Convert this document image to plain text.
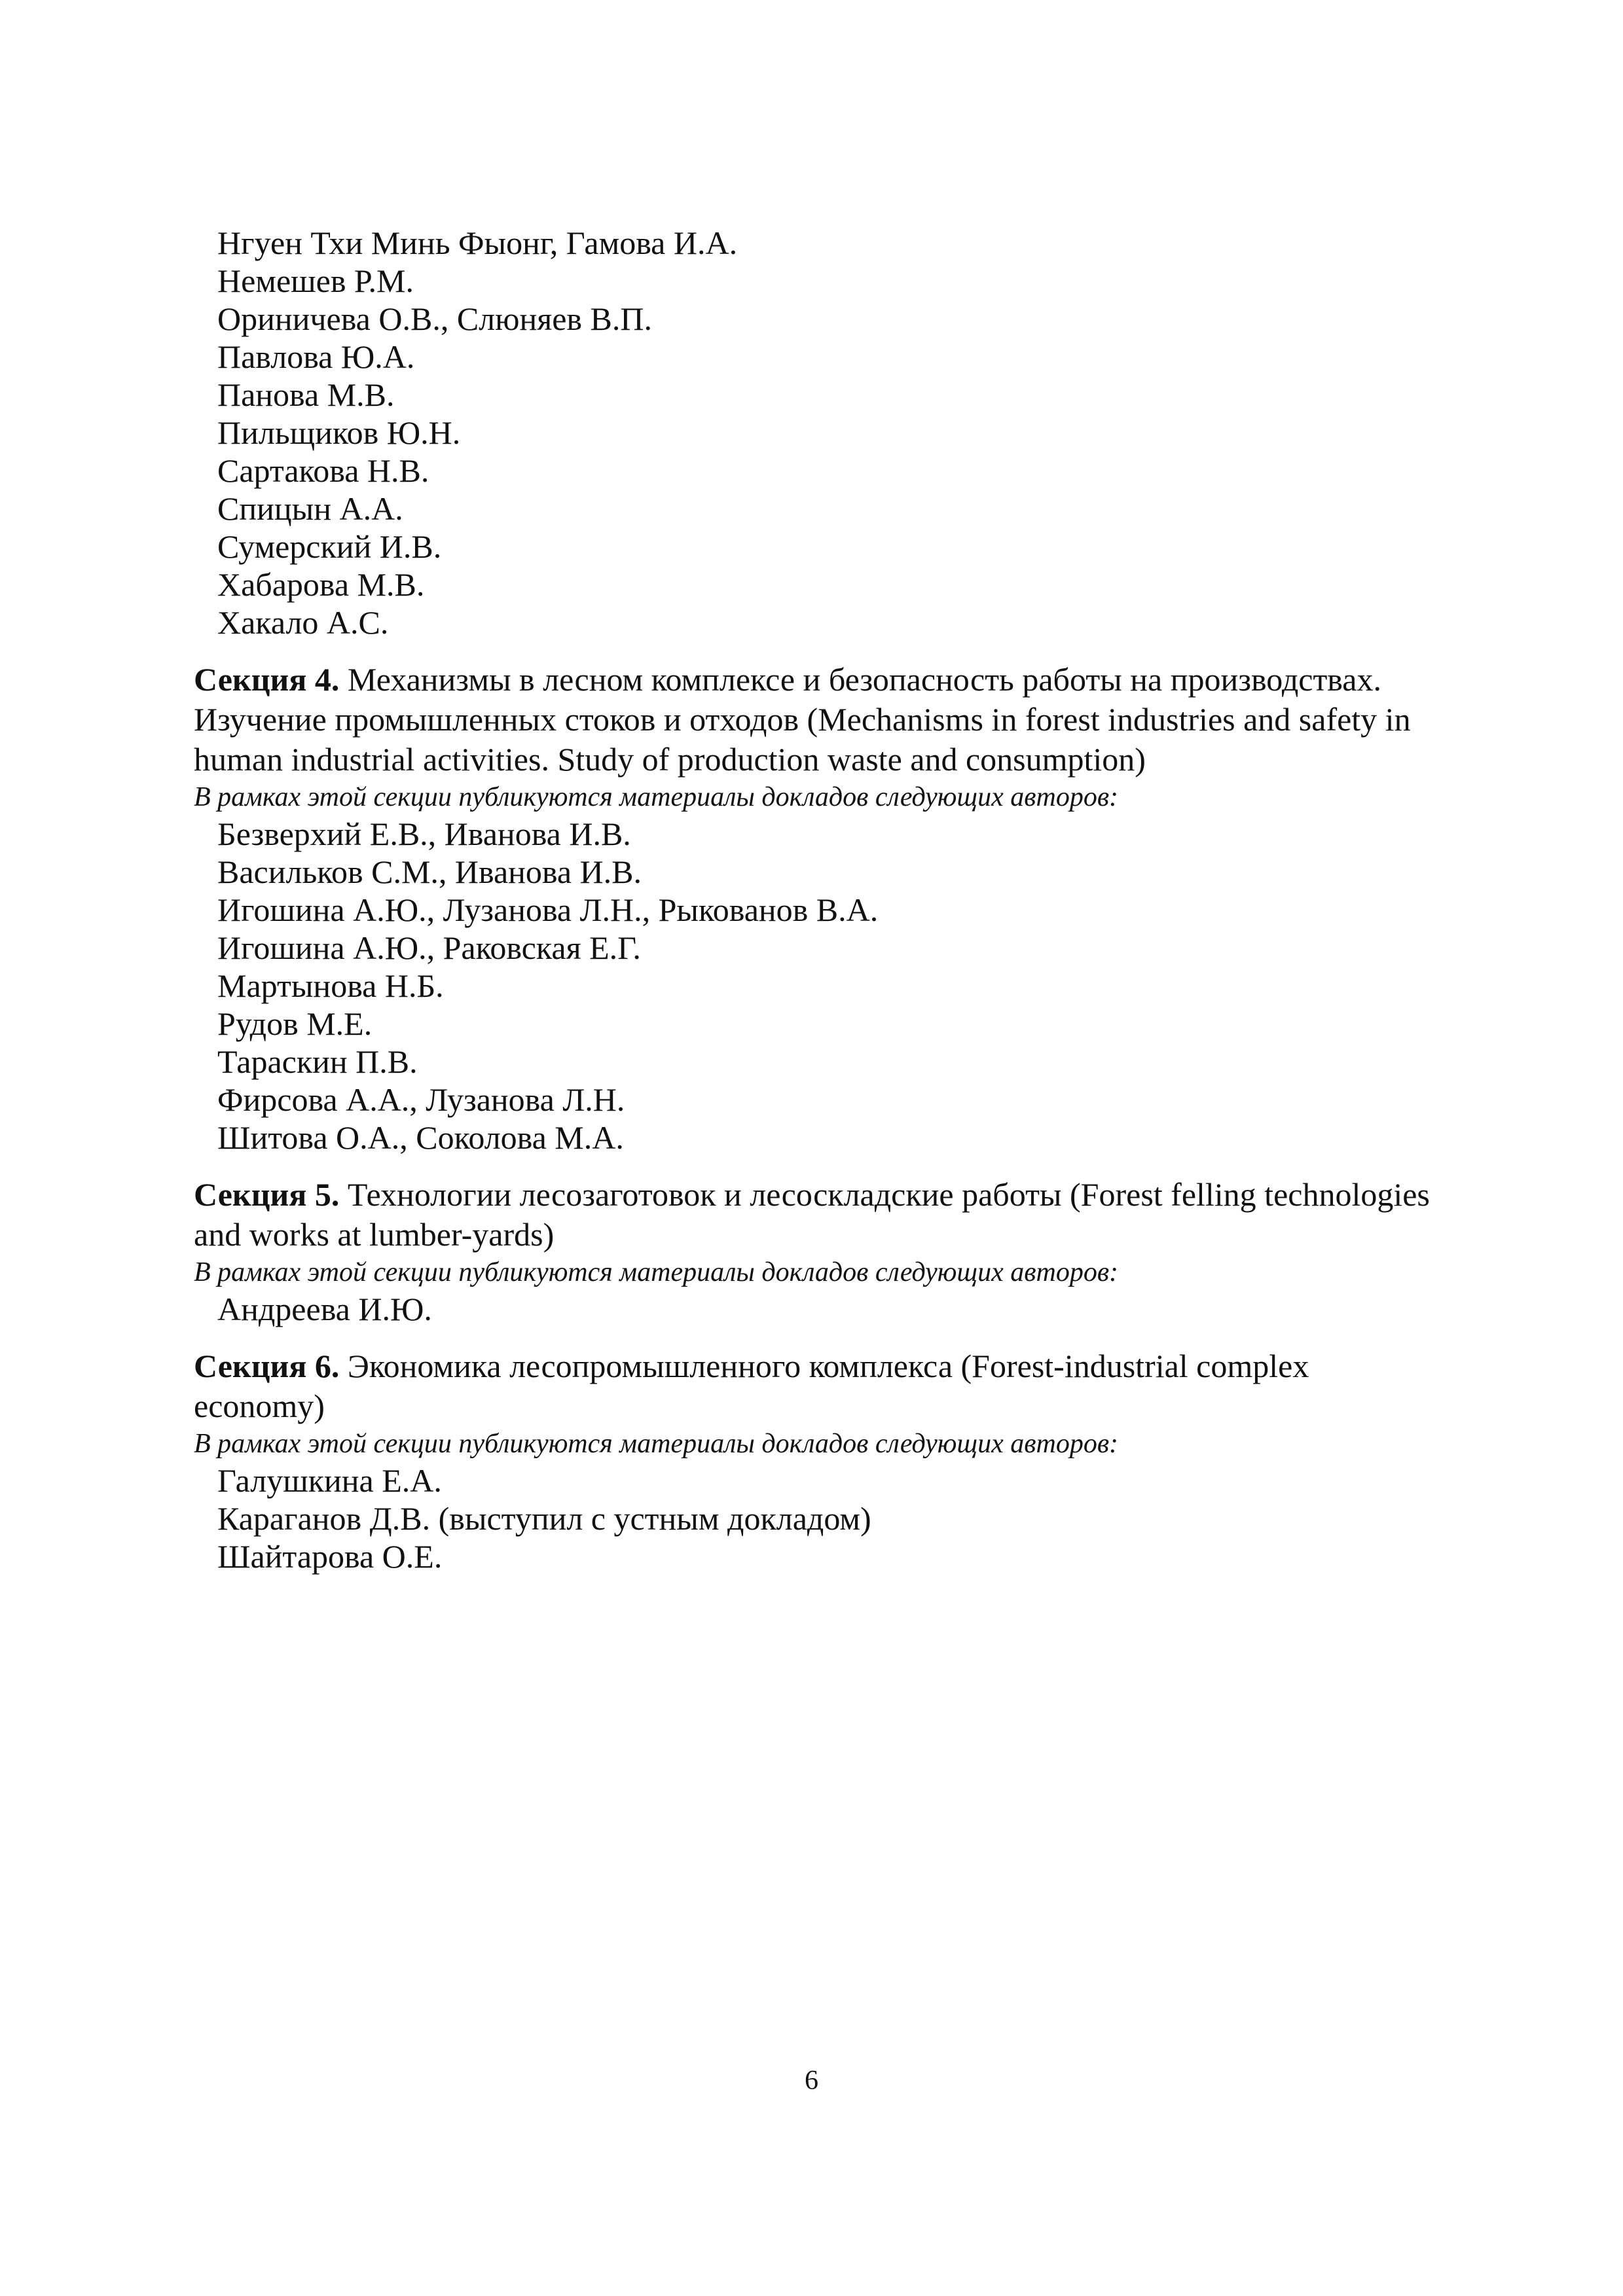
Нгуен Тхи Минь Фыонг, Гамова И.А.
Немешев Р.М.
Ориничева О.В., Слюняев В.П.
Павлова Ю.А.
Панова М.В.
Пильщиков Ю.Н.
Сартакова Н.В.
Спицын А.А.
Сумерский И.В.
Хабарова М.В.
Хакало А.С.

Секция 4. Механизмы в лесном комплексе и безопасность работы на производствах. Изучение промышленных стоков и отходов (Mechanisms in forest industries and safety in human industrial activities. Study of production waste and consumption)

В рамках этой секции публикуются материалы докладов следующих авторов:

Безверхий Е.В., Иванова И.В.
Васильков С.М., Иванова И.В.
Игошина А.Ю., Лузанова Л.Н., Рыкованов В.А.
Игошина А.Ю., Раковская Е.Г.
Мартынова Н.Б.
Рудов М.Е.
Тараскин П.В.
Фирсова А.А., Лузанова Л.Н.
Шитова О.А., Соколова М.А.

Секция 5. Технологии лесозаготовок и лесоскладские работы (Forest felling technologies and works at lumber-yards)

В рамках этой секции публикуются материалы докладов следующих авторов:

Андреева И.Ю.

Секция 6. Экономика лесопромышленного комплекса (Forest-industrial complex economy)

В рамках этой секции публикуются материалы докладов следующих авторов:

Галушкина Е.А.
Караганов Д.В. (выступил с устным докладом)
Шайтарова О.Е.
6
